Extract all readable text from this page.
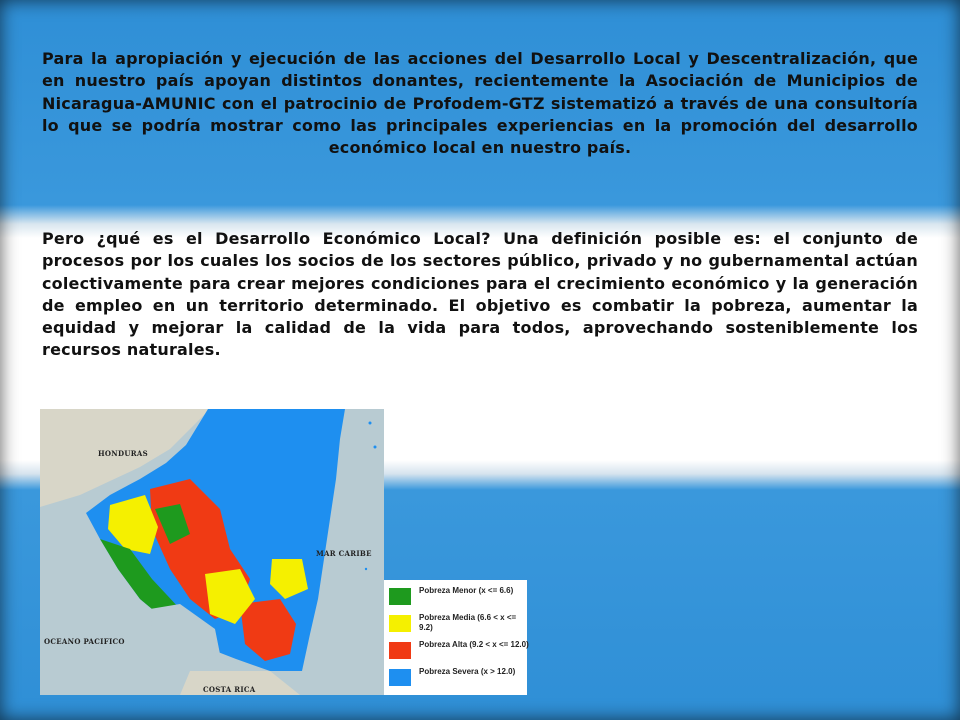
Para la apropiación y ejecución de las acciones del Desarrollo Local y Descentralización, que en nuestro país apoyan distintos donantes, recientemente la Asociación de Municipios de Nicaragua-AMUNIC con el patrocinio de Profodem-GTZ sistematizó a través de una consultoría lo que se podría mostrar como las principales experiencias en la promoción del desarrollo económico local en nuestro país.
Pero ¿qué es el Desarrollo Económico Local? Una definición posible es: el conjunto de procesos por los cuales los socios de los sectores público, privado y no gubernamental actúan colectivamente para crear mejores condiciones para el crecimiento económico y la generación de empleo en un territorio determinado. El objetivo es combatir la pobreza, aumentar la equidad y mejorar la calidad de la vida para todos, aprovechando sosteniblemente los recursos naturales.
HONDURAS
MAR CARIBE
OCEANO PACIFICO
COSTA RICA
Pobreza Menor (x <= 6.6)
Pobreza Media (6.6 < x <= 9.2)
Pobreza Alta (9.2 < x <= 12.0)
Pobreza Severa (x > 12.0)
